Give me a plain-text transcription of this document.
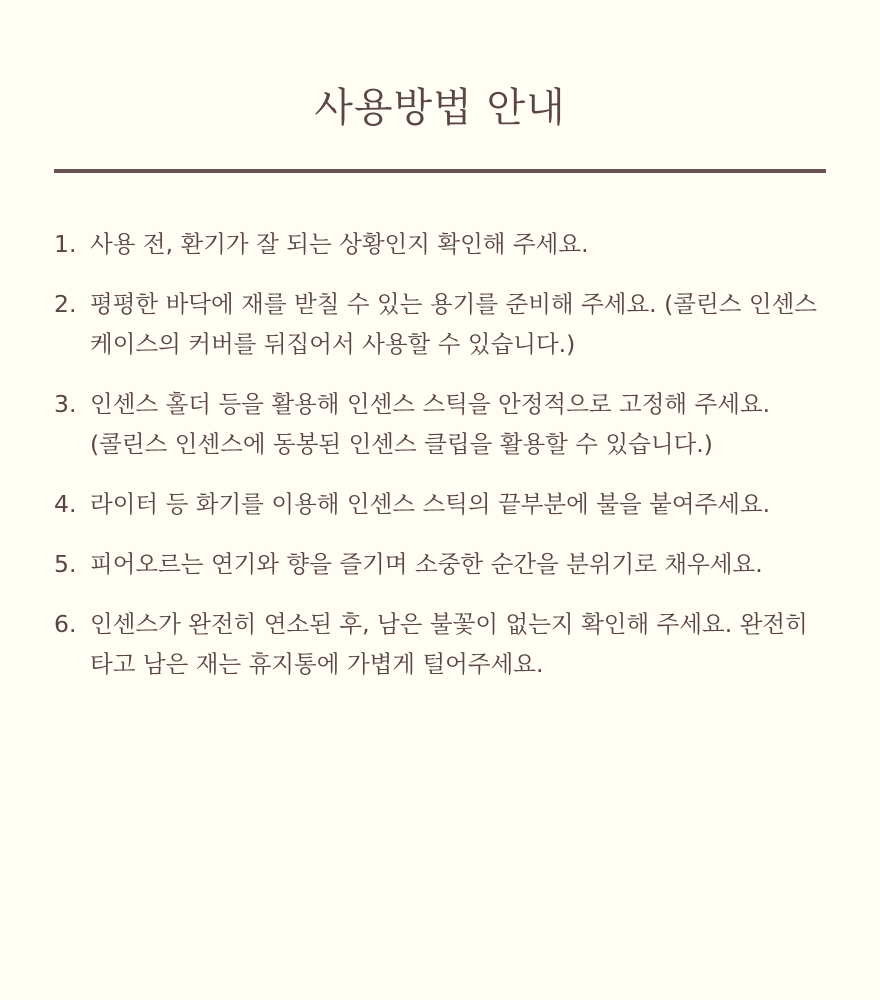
사용방법 안내
1. 사용 전, 환기가 잘 되는 상황인지 확인해 주세요.
2. 평평한 바닥에 재를 받칠 수 있는 용기를 준비해 주세요. (콜린스 인센스 케이스의 커버를 뒤집어서 사용할 수 있습니다.)
3. 인센스 홀더 등을 활용해 인센스 스틱을 안정적으로 고정해 주세요. (콜린스 인센스에 동봉된 인센스 클립을 활용할 수 있습니다.)
4. 라이터 등 화기를 이용해 인센스 스틱의 끝부분에 불을 붙여주세요.
5. 피어오르는 연기와 향을 즐기며 소중한 순간을 분위기로 채우세요.
6. 인센스가 완전히 연소된 후, 남은 불꽃이 없는지 확인해 주세요. 완전히 타고 남은 재는 휴지통에 가볍게 털어주세요.
